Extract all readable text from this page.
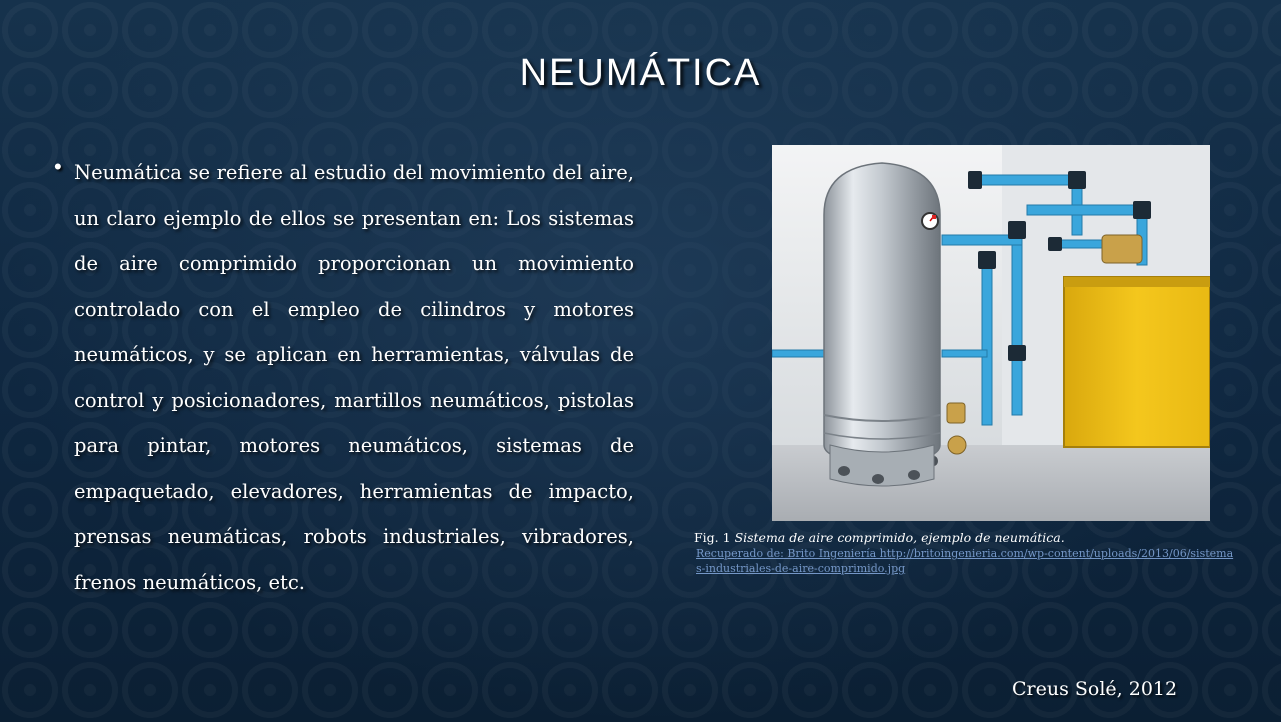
NEUMÁTICA
• Neumática se refiere al estudio del movimiento del aire, un claro ejemplo de ellos se presentan en: Los sistemas de aire comprimido proporcionan un movimiento controlado con el empleo de cilindros y motores neumáticos, y se aplican en herramientas, válvulas de control y posicionadores, martillos neumáticos, pistolas para pintar, motores neumáticos, sistemas de empaquetado, elevadores, herramientas de impacto, prensas neumáticas, robots industriales, vibradores, frenos neumáticos, etc.

Fig. 1 Sistema de aire comprimido, ejemplo de neumática.
Recuperado de: Brito Ingeniería http://britoingenieria.com/wp-content/uploads/2013/06/sistemas-industriales-de-aire-comprimido.jpg
Creus Solé, 2012
